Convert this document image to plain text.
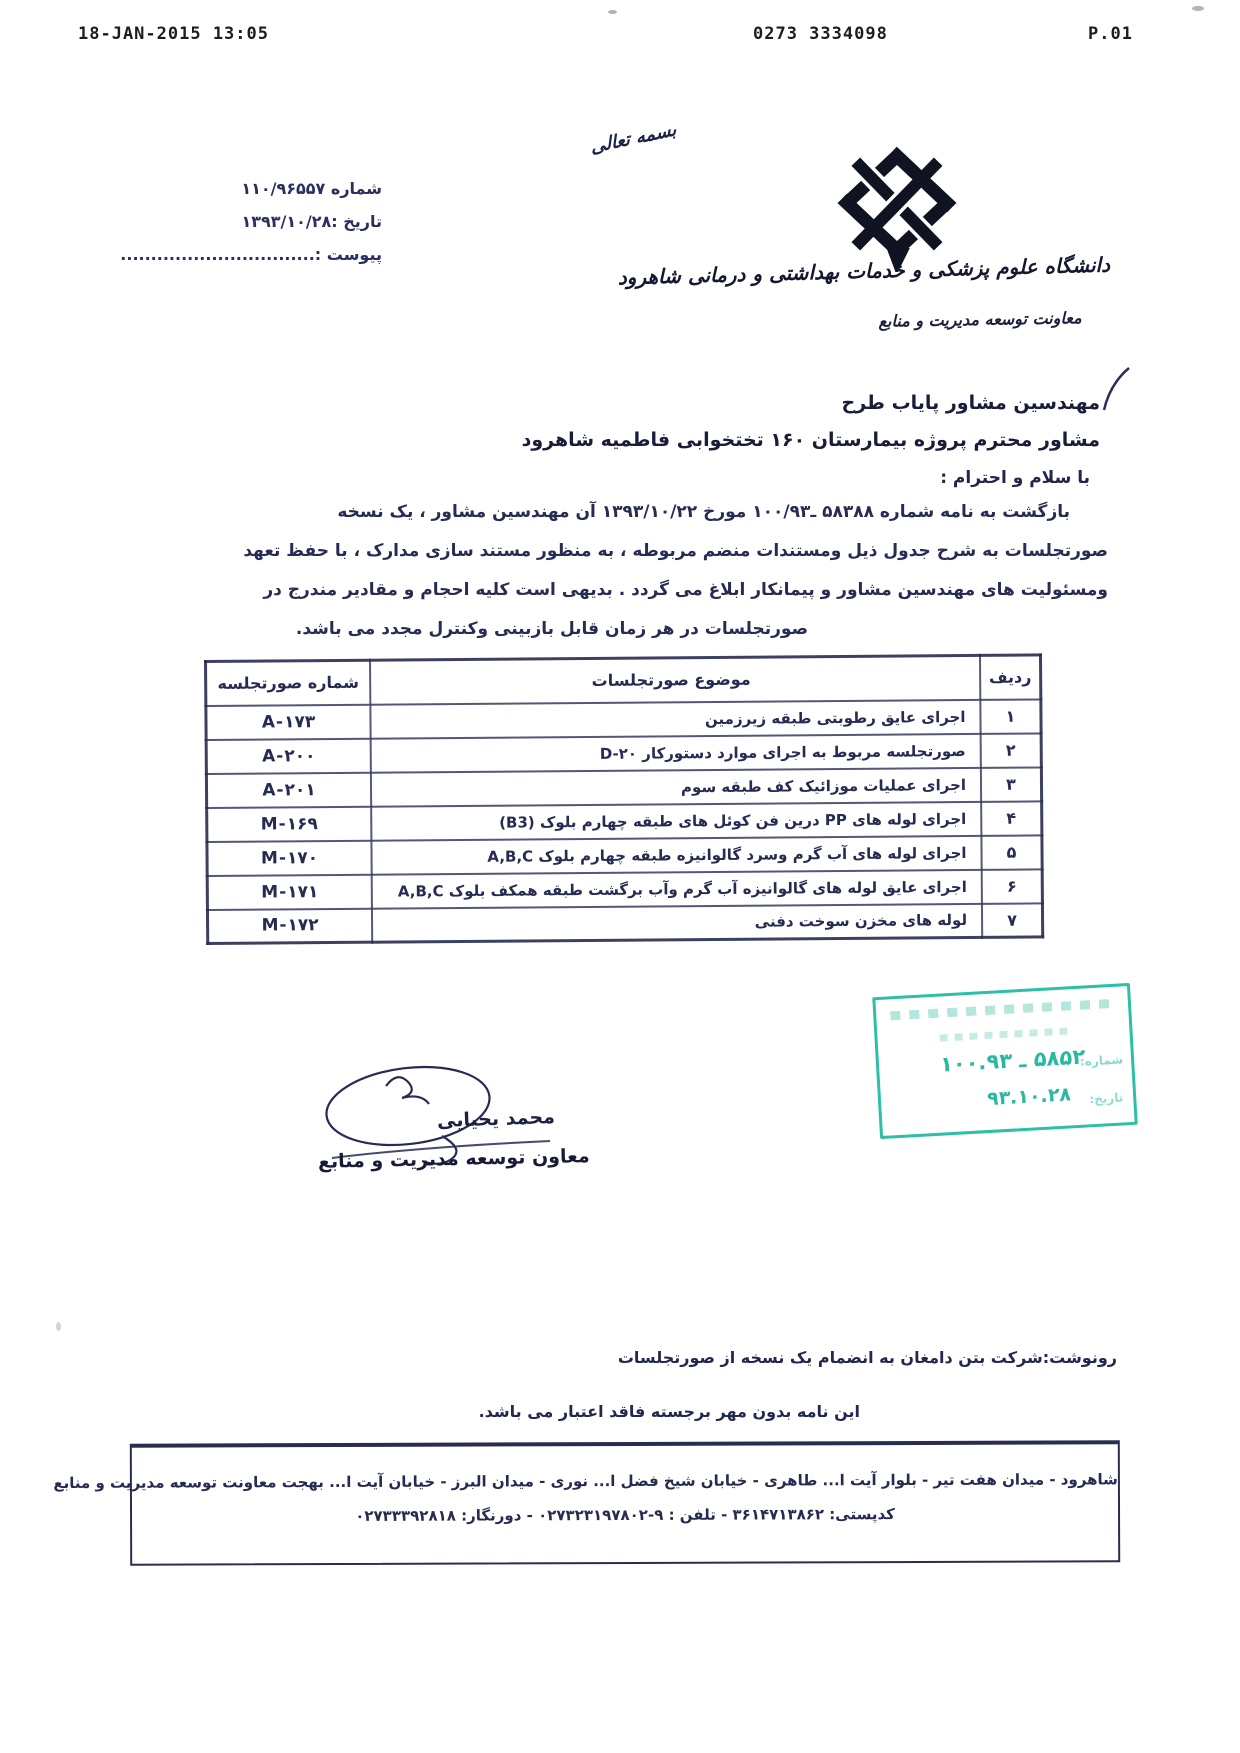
18-JAN-2015 13:05	0273 3334098	P.01
بسمه تعالی
شماره ۱۱۰/۹۶۵۵۷
تاریخ :۱۳۹۳/۱۰/۲۸
پیوست :................................	دانشگاه علوم پزشکی و خدمات بهداشتی و درمانی شاهرود
معاونت توسعه مدیریت و منابع
مهندسین مشاور پایاب طرح
مشاور محترم پروژه بیمارستان ۱۶۰ تختخوابی فاطمیه شاهرود
با سلام و احترام :
بازگشت به نامه شماره ۵۸۳۸۸ ـ۱۰۰/۹۳ مورخ ۱۳۹۳/۱۰/۲۲ آن مهندسین مشاور ، یک نسخه
صورتجلسات به شرح جدول ذیل ومستندات منضم مربوطه ، به منظور مستند سازی مدارک ، با حفظ تعهد
ومسئولیت های مهندسین مشاور و پیمانکار ابلاغ می گردد . بدیهی است کلیه احجام و مقادیر مندرج در
صورتجلسات در هر زمان قابل بازبینی وکنترل مجدد می باشد.
ردیف	موضوع صورتجلسات	شماره صورتجلسه
۱	اجرای عایق رطوبتی طبقه زیرزمین	A-۱۷۳
۲	صورتجلسه مربوط به اجرای موارد دستورکار D-‎۲۰	A-۲۰۰
۳	اجرای عملیات موزائیک کف طبقه سوم	A-۲۰۱
۴	اجرای لوله های PP درین فن کوئل های طبقه چهارم بلوک ‎(B3)‎	M-۱۶۹
۵	اجرای لوله های آب گرم وسرد گالوانیزه طبقه چهارم بلوک A,B,C	M-۱۷۰
۶	اجرای عایق لوله های گالوانیزه آب گرم وآب برگشت طبقه همکف بلوک A,B,C	M-۱۷۱
۷	لوله های مخزن سوخت دفنی	M-۱۷۲
شماره:
۵۸۵۲ ـ ۱۰۰.۹۳
تاریخ:
۹۳.۱۰.۲۸
محمد یحیایی
معاون توسعه مدیریت و منابع
رونوشت:شرکت بتن دامغان به انضمام یک نسخه از صورتجلسات
این نامه بدون مهر برجسته فاقد اعتبار می باشد.
شاهرود - میدان هفت تیر - بلوار آیت ا... طاهری - خیابان شیخ فضل ا... نوری - میدان البرز - خیابان آیت ا... بهجت معاونت توسعه مدیریت و منابع
کدپستی: ۳۶۱۴۷۱۳۸۶۲ - تلفن : ۹-۰۲۷۳۲۳۱۹۷۸۰۲ - دورنگار: ۰۲۷۳۳۳۹۲۸۱۸
